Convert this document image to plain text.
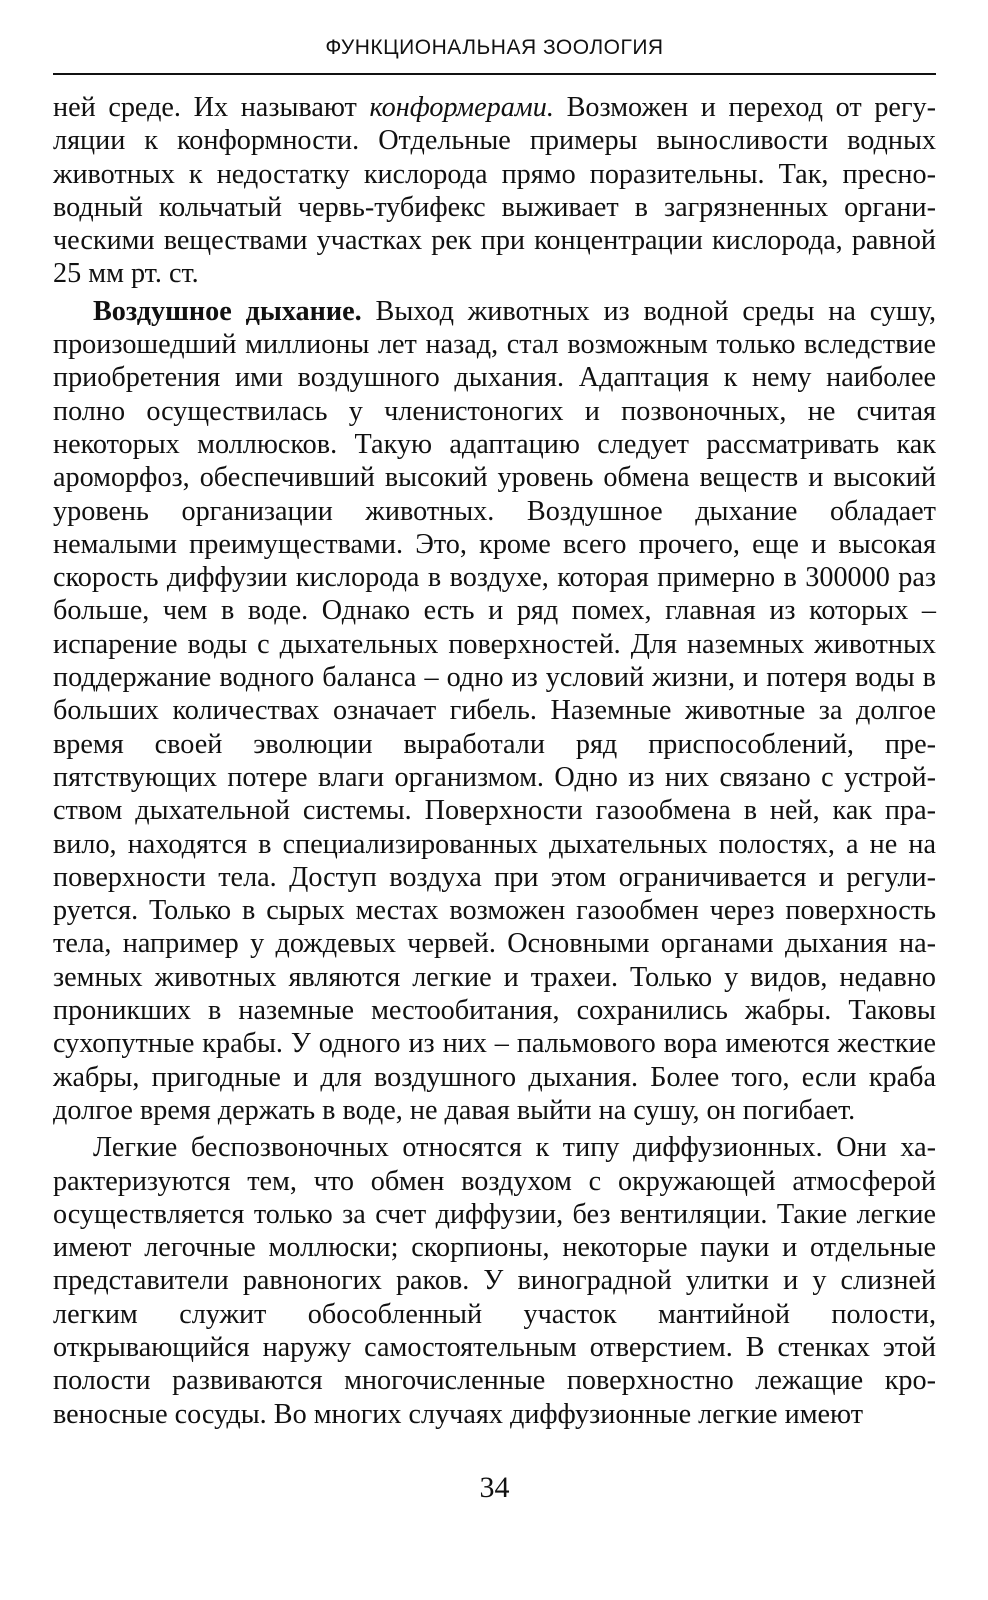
ФУНКЦИОНАЛЬНАЯ ЗООЛОГИЯ

ней среде. Их называют конформерами. Возможен и переход от регуляции к конформности. Отдельные примеры выносливости водных животных к недостатку кислорода прямо поразительны. Так, пресноводный кольчатый червь-тубифекс выживает в загрязненных органическими веществами участках рек при концентрации кислорода, равной 25 мм рт. ст.

Воздушное дыхание. Выход животных из водной среды на сушу, произошедший миллионы лет назад, стал возможным только вследствие приобретения ими воздушного дыхания. Адаптация к нему наиболее полно осуществилась у членистоногих и позвоночных, не считая некоторых моллюсков. Такую адаптацию следует рассматривать как ароморфоз, обеспечивший высокий уровень обмена веществ и высокий уровень организации животных. Воздушное дыхание обладает немалыми преимуществами. Это, кроме всего прочего, еще и высокая скорость диффузии кислорода в воздухе, которая примерно в 300000 раз больше, чем в воде. Однако есть и ряд помех, главная из которых – испарение воды с дыхательных поверхностей. Для наземных животных поддержание водного баланса – одно из условий жизни, и потеря воды в больших количествах означает гибель. Наземные животные за долгое время своей эволюции выработали ряд приспособлений, препятствующих потере влаги организмом. Одно из них связано с устройством дыхательной системы. Поверхности газообмена в ней, как правило, находятся в специализированных дыхательных полостях, а не на поверхности тела. Доступ воздуха при этом ограничивается и регулируется. Только в сырых местах возможен газообмен через поверхность тела, например у дождевых червей. Основными органами дыхания наземных животных являются легкие и трахеи. Только у видов, недавно проникших в наземные местообитания, сохранились жабры. Таковы сухопутные крабы. У одного из них – пальмового вора имеются жесткие жабры, пригодные и для воздушного дыхания. Более того, если краба долгое время держать в воде, не давая выйти на сушу, он погибает.

Легкие беспозвоночных относятся к типу диффузионных. Они характеризуются тем, что обмен воздухом с окружающей атмосферой осуществляется только за счет диффузии, без вентиляции. Такие легкие имеют легочные моллюски; скорпионы, некоторые пауки и отдельные представители равноногих раков. У виноградной улитки и у слизней легким служит обособленный участок мантийной полости, открывающийся наружу самостоятельным отверстием. В стенках этой полости развиваются многочисленные поверхностно лежащие кровеносные сосуды. Во многих случаях диффузионные легкие имеют

34
